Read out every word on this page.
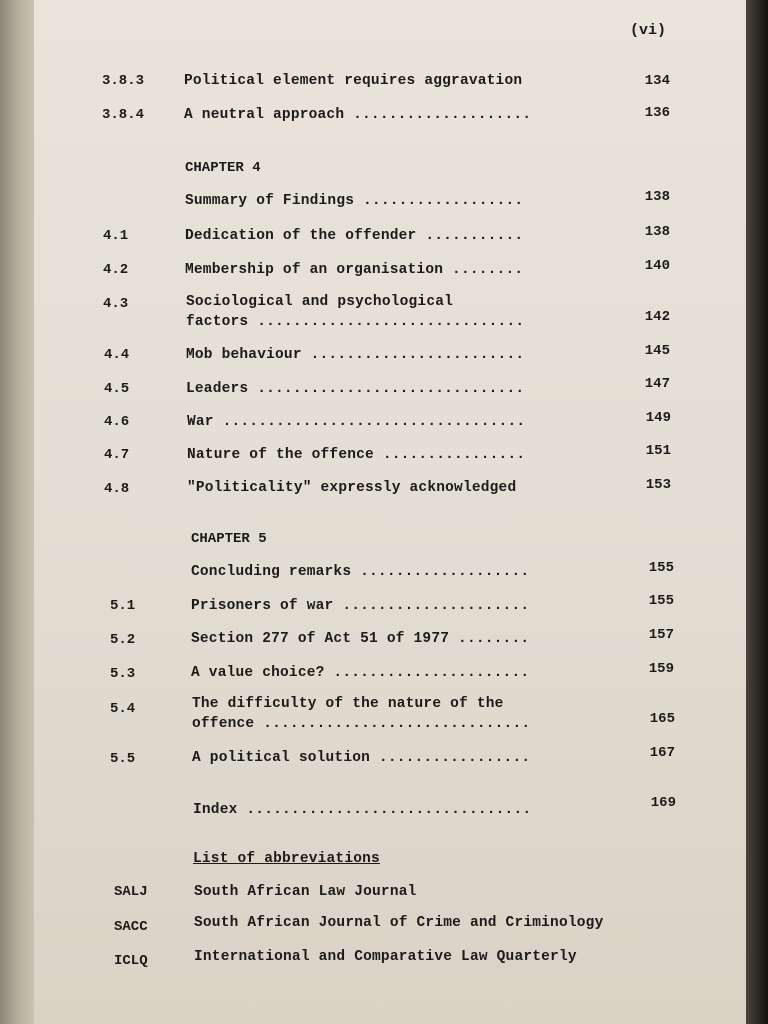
(vi)
3.8.3	Political element requires aggravation	134
3.8.4	A neutral approach ....................	136
CHAPTER 4
Summary of Findings ..................	138
4.1	Dedication of the offender ...........	138
4.2	Membership of an organisation ........	140
4.3	Sociological and psychological
factors ..............................	142
4.4	Mob behaviour ........................	145
4.5	Leaders ..............................	147
4.6	War ..................................	149
4.7	Nature of the offence ................	151
4.8	"Politicality" expressly acknowledged	153
CHAPTER 5
Concluding remarks ...................	155
5.1	Prisoners of war .....................	155
5.2	Section 277 of Act 51 of 1977 ........	157
5.3	A value choice? ......................	159
5.4	The difficulty of the nature of the
offence ..............................	165
5.5	A political solution .................	167
Index ................................	169
List of abbreviations
SALJ	South African Law Journal
SACC	South African Journal of Crime and Criminology
ICLQ	International and Comparative Law Quarterly
